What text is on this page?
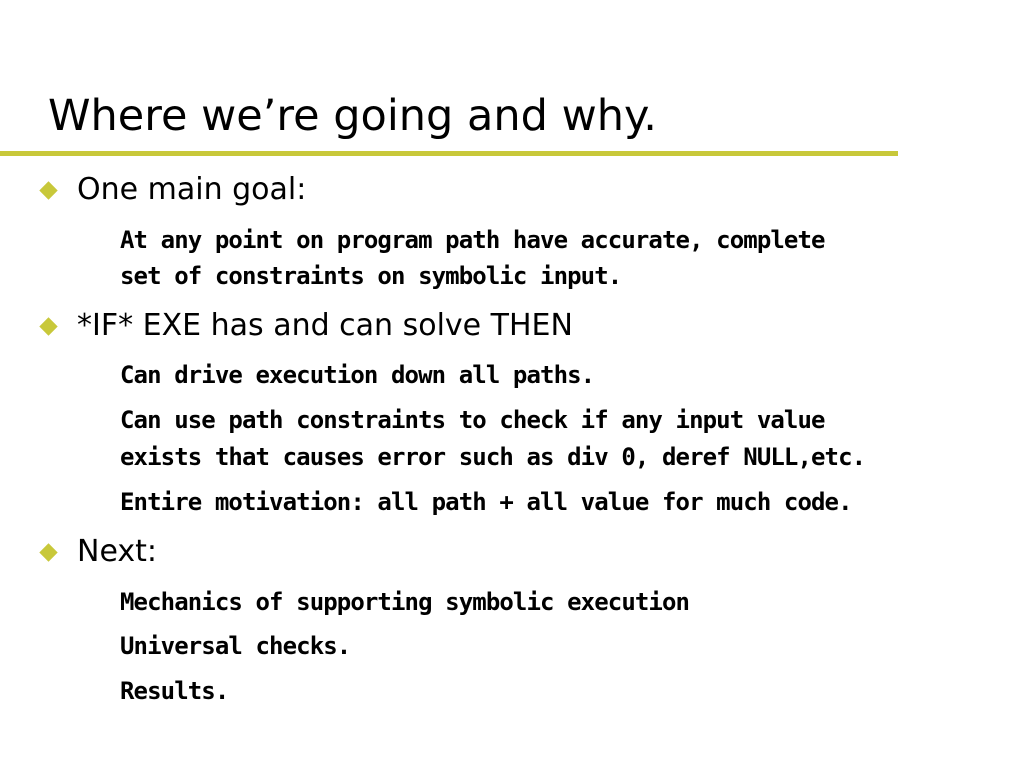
Where we’re going and why.
One main goal:
At any point on program path have accurate, complete
set of constraints on symbolic input.
*IF* EXE has and can solve THEN
Can drive execution down all paths.
Can use path constraints to check if any input value
exists that causes error such as div 0, deref NULL,etc.
Entire motivation: all path + all value for much code.
Next:
Mechanics of supporting symbolic execution
Universal checks.
Results.
